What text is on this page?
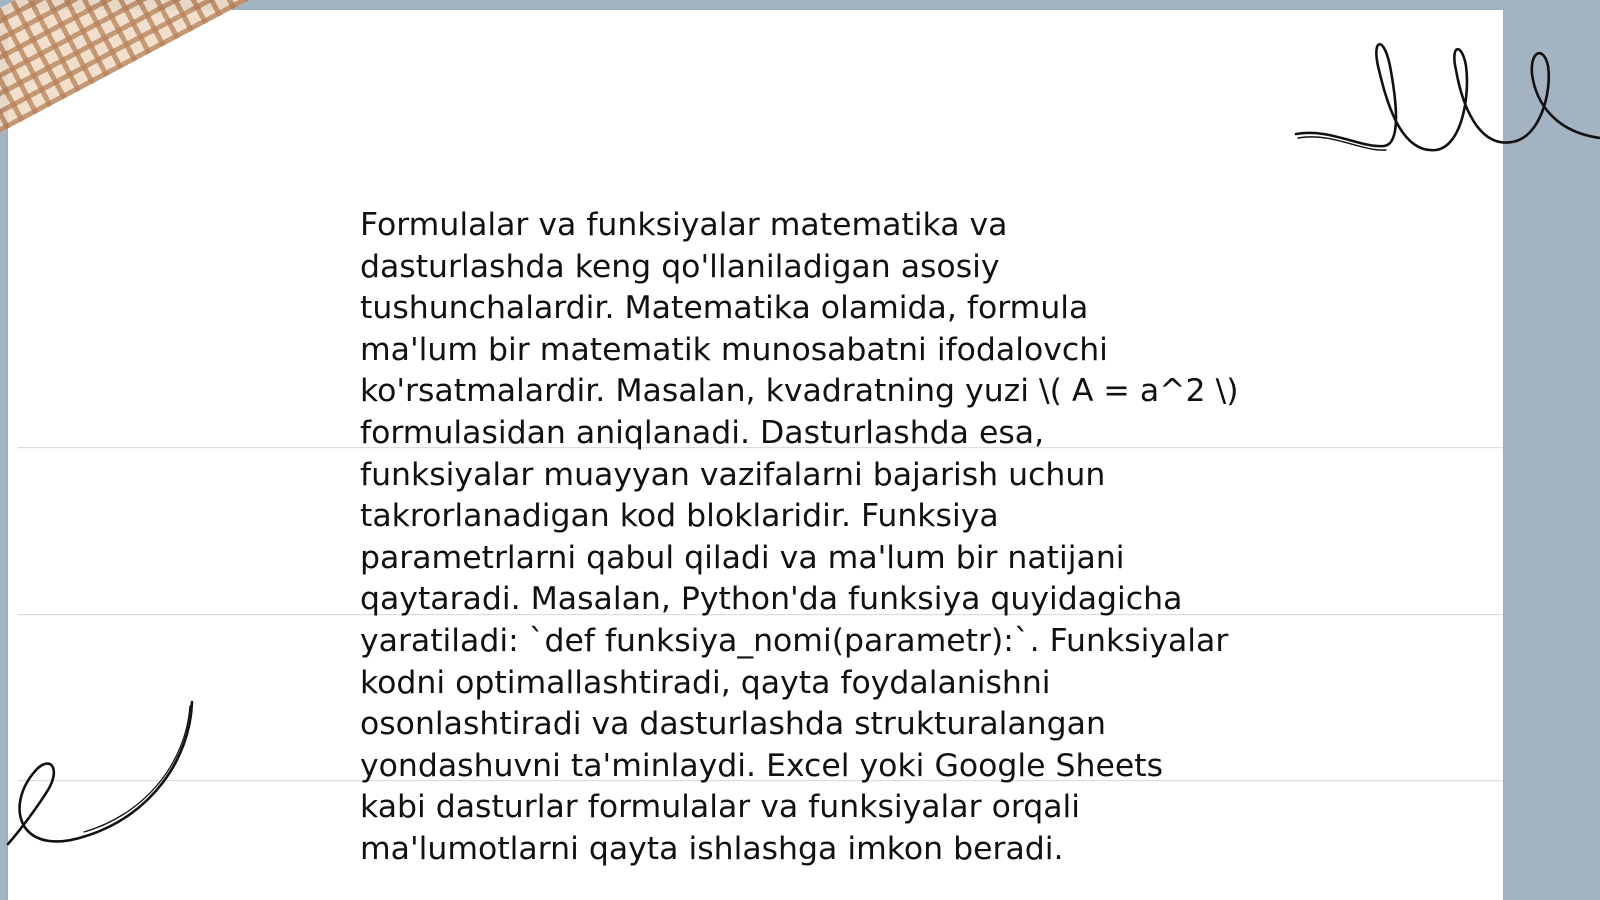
Formulalar va funksiyalar matematika va
dasturlashda keng qo'llaniladigan asosiy
tushunchalardir. Matematika olamida, formula
ma'lum bir matematik munosabatni ifodalovchi
ko'rsatmalardir. Masalan, kvadratning yuzi \( A = a^2 \)
formulasidan aniqlanadi. Dasturlashda esa,
funksiyalar muayyan vazifalarni bajarish uchun
takrorlanadigan kod bloklaridir. Funksiya
parametrlarni qabul qiladi va ma'lum bir natijani
qaytaradi. Masalan, Python'da funksiya quyidagicha
yaratiladi: `def funksiya_nomi(parametr):`. Funksiyalar
kodni optimallashtiradi, qayta foydalanishni
osonlashtiradi va dasturlashda strukturalangan
yondashuvni ta'minlaydi. Excel yoki Google Sheets
kabi dasturlar formulalar va funksiyalar orqali
ma'lumotlarni qayta ishlashga imkon beradi.
